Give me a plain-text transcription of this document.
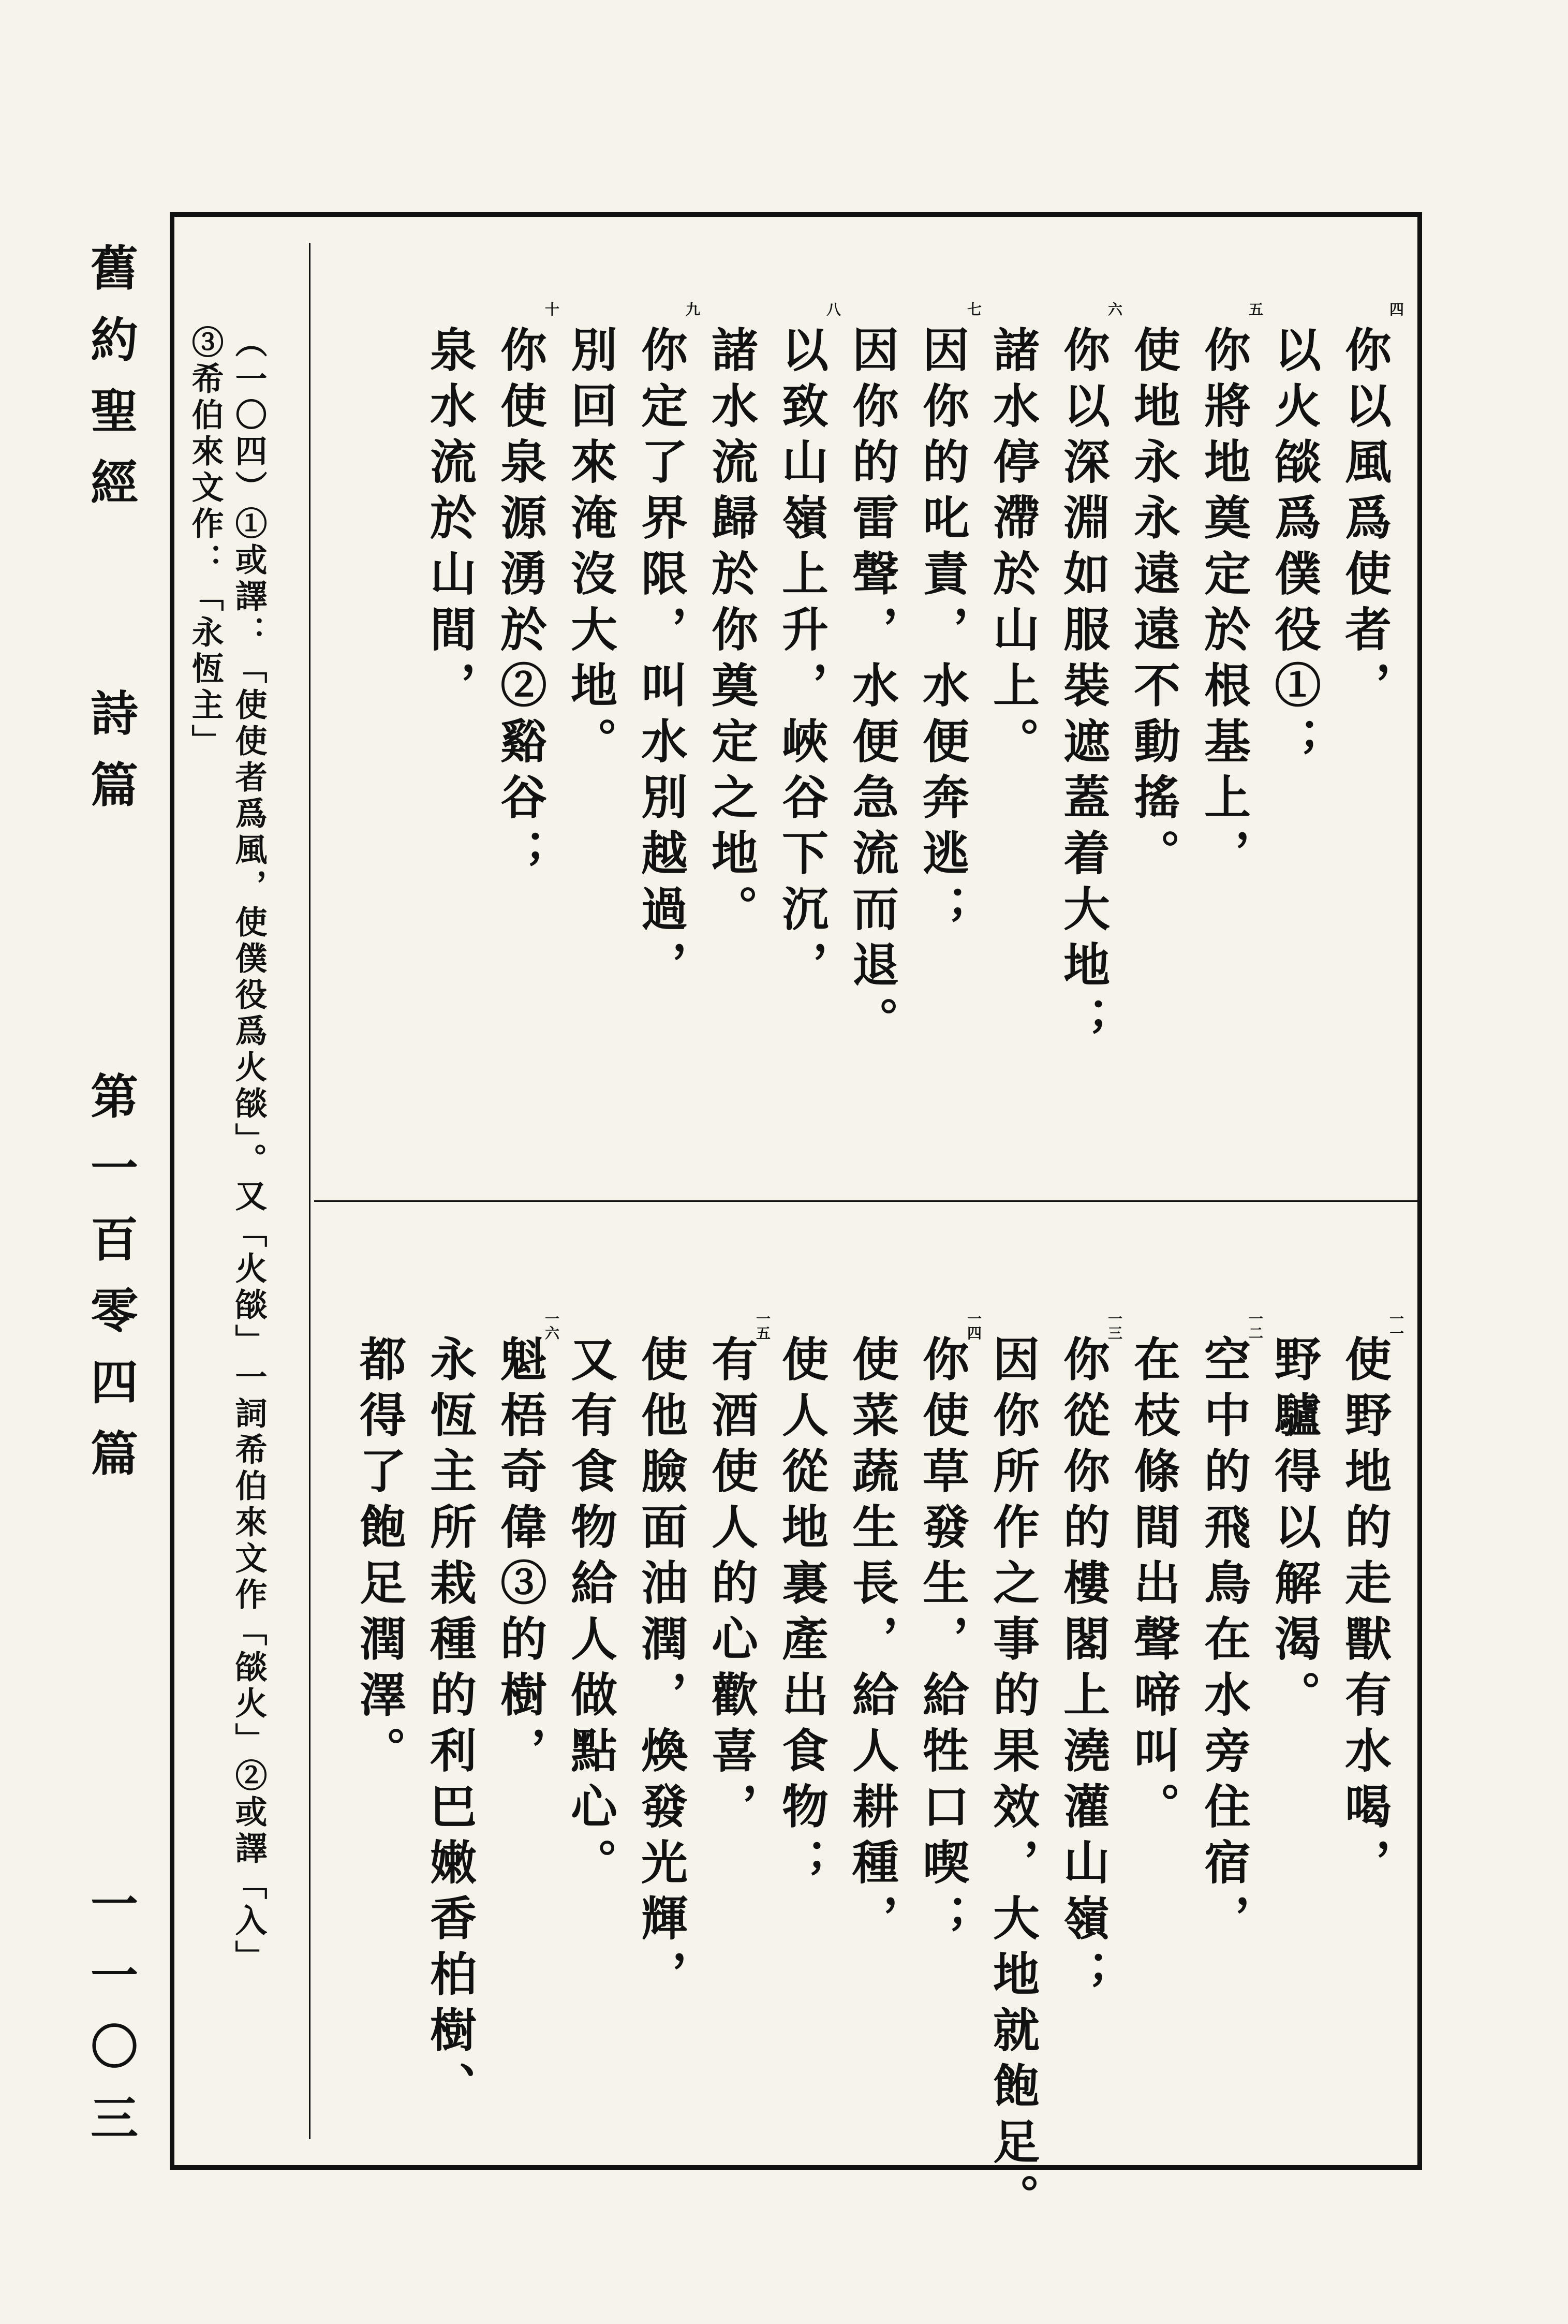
舊約聖經

詩篇

第一百零四篇

一一〇三

四

你以風爲使者，

以火燄爲僕役①；

五

你將地奠定於根基上，

使地永永遠遠不動搖。

六

你以深淵如服裝遮蓋着大地；

諸水停滯於山上。

七

因你的叱責，水便奔逃；

因你的雷聲，水便急流而退。

八

以致山嶺上升，峽谷下沉，

諸水流歸於你奠定之地。

九

你定了界限，叫水別越過，

別回來淹沒大地。

十

你使泉源湧於②谿谷；

泉水流於山間，

一一

使野地的走獸有水喝，

野驢得以解渴。

一二

空中的飛鳥在水旁住宿，

在枝條間出聲啼叫。

一三

你從你的樓閣上澆灌山嶺；

因你所作之事的果效，大地就飽足。

一四

你使草發生，給牲口喫；

使菜蔬生長，給人耕種，

使人從地裏產出食物；

一五

有酒使人的心歡喜，

使他臉面油潤，煥發光輝，

又有食物給人做點心。

一六

魁梧奇偉③的樹，

永恆主所栽種的利巴嫩香柏樹、

都得了飽足潤澤。

（一〇四）①或譯：「使使者爲風，使僕役爲火燄」。又「火燄」一詞希伯來文作「燄火」②或譯「入」

③希伯來文作：「永恆主」
